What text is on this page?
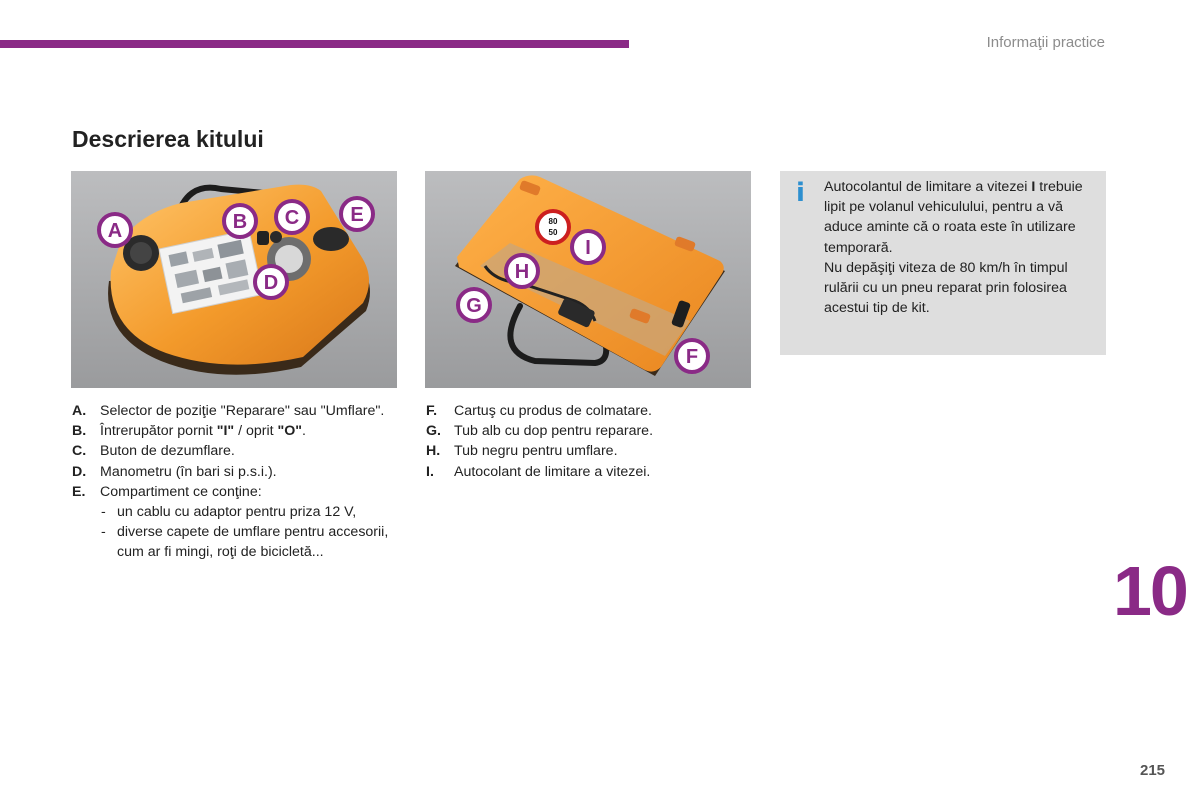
Informaţii practice
Descrierea kitului
A	B C
D
E	80
50
F
G
H
I
i Autocolantul de limitare a vitezei I trebuie lipit pe volanul vehiculului, pentru a vă aduce aminte că o roata este în utilizare temporară.
Nu depăşiţi viteza de 80 km/h în timpul rulării cu un pneu reparat prin folosirea acestui tip de kit.
A. Selector de poziţie "Reparare" sau "Umflare".
B. Întrerupător pornit "I" / oprit "O".
C. Buton de dezumflare.
D. Manometru (în bari si p.s.i.).
E. Compartiment ce conţine:
- un cablu cu adaptor pentru priza 12 V,
- diverse capete de umflare pentru accesorii, cum ar fi mingi, roţi de bicicletă...
F. Cartuş cu produs de colmatare.
G. Tub alb cu dop pentru reparare.
H. Tub negru pentru umflare.
I. Autocolant de limitare a vitezei.
10
215
